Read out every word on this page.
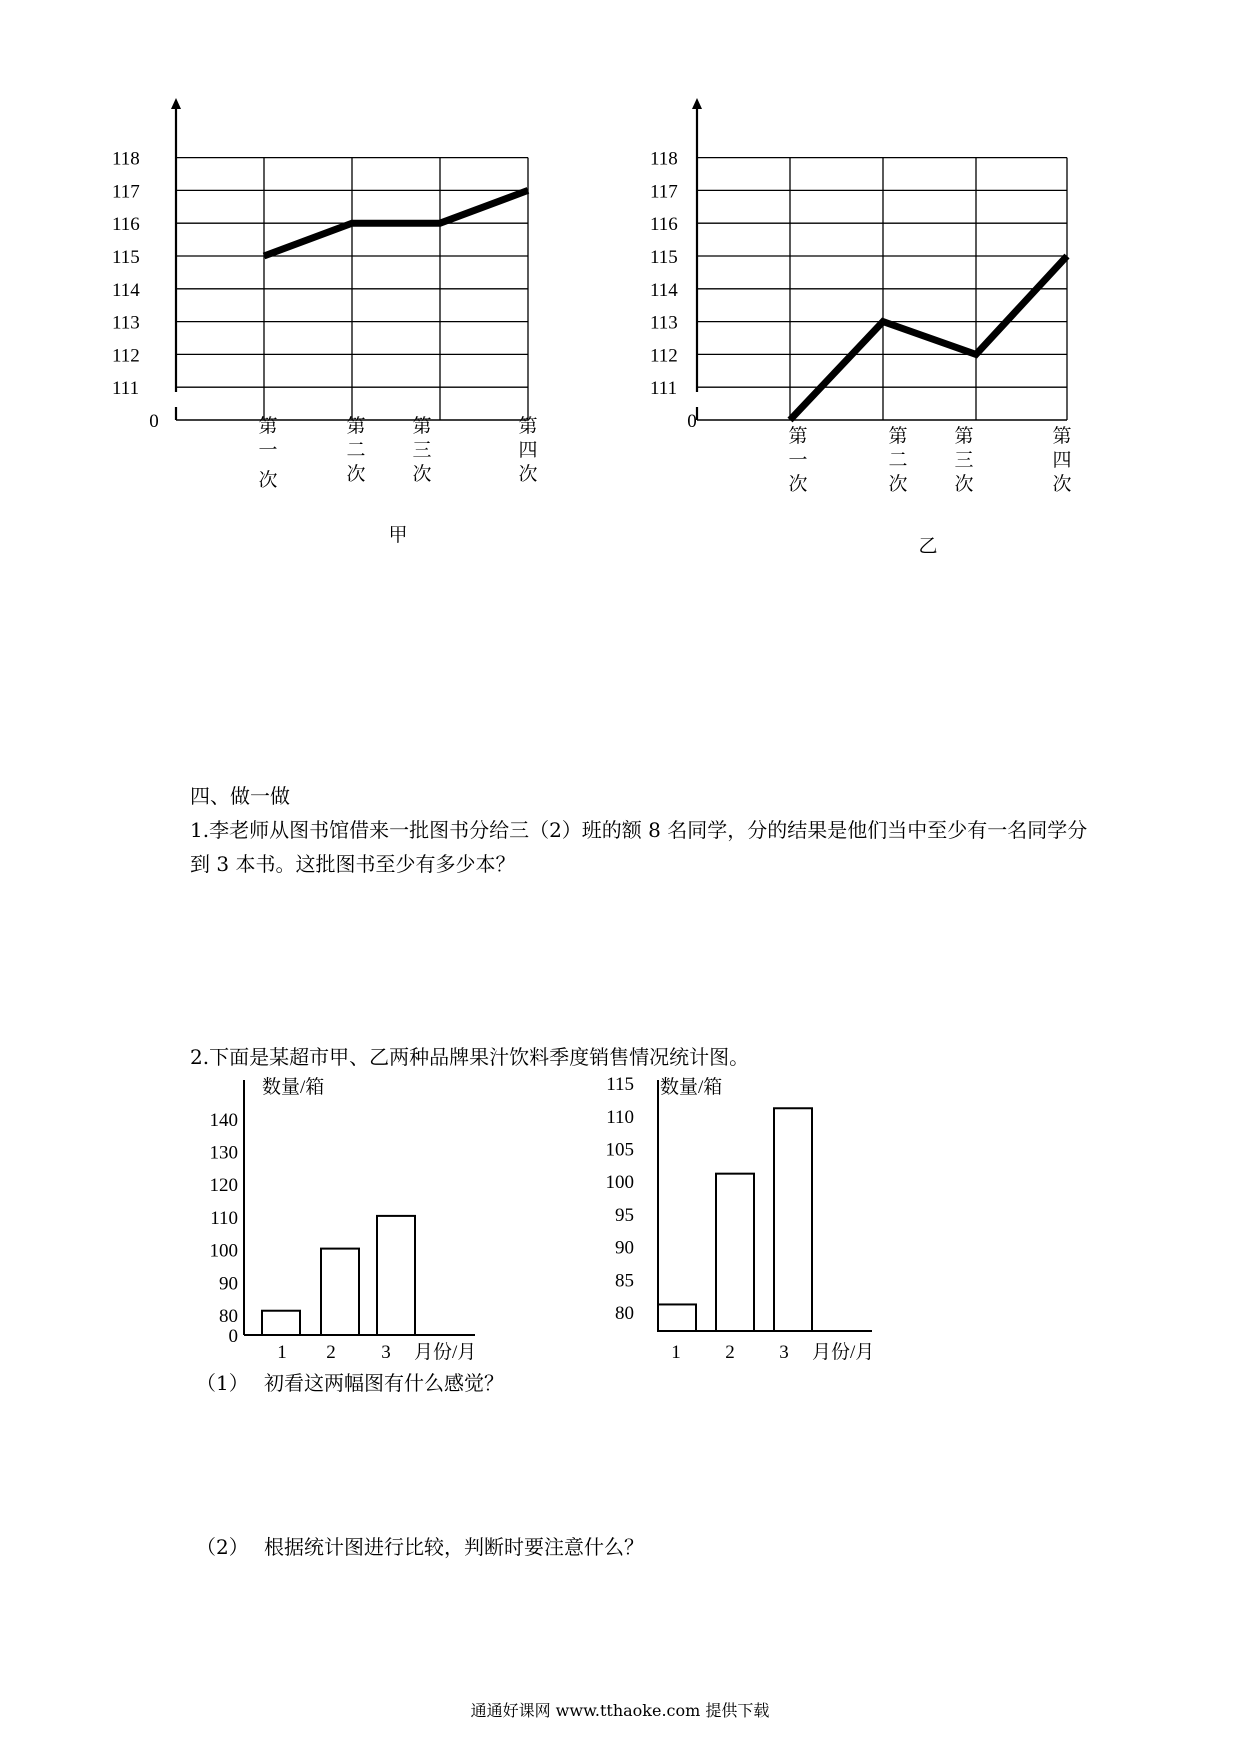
0
111
112
113
114
115
116
117
118
第一次
第二次
第三次
第四次
甲
0
111
112
113
114
115
116
117
118
第一次
第二次
第三次
第四次
乙
0
80
90
100
110
120
130
140
1 2 3
数量/箱
月份/月
80
85
90
95
100
105
110
115
1 2 3
数量/箱
月份/月
四、做一做
1.李老师从图书馆借来一批图书分给三（2）班的额 8 名同学，分的结果是他们当中至少有一名同学分到 3 本书。这批图书至少有多少本？
2.下面是某超市甲、乙两种品牌果汁饮料季度销售情况统计图。
（1） 初看这两幅图有什么感觉？
（2） 根据统计图进行比较，判断时要注意什么？
通通好课网 www.tthaoke.com 提供下载
